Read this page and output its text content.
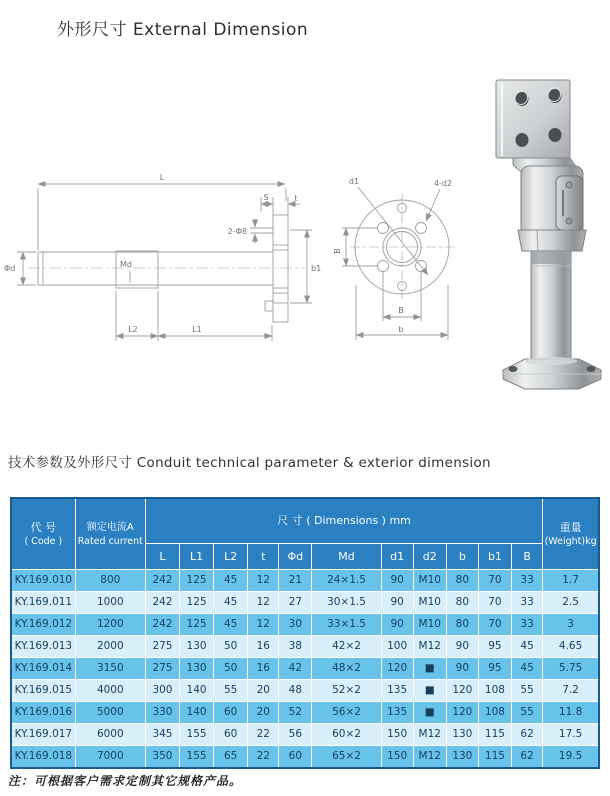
外形尺寸 External Dimension
L
S	t
2-Φ8
Φd	Md	b1
L2	L1
d1	4-d2
B
B
b
技术参数及外形尺寸 Conduit technical parameter & exterior dimension
代 号
( Code )

额定电流A
Rated current
	尺 寸 ( Dimensions ) mm	重量
(Weight)kg

		L	L1	L2	t	Φd	Md	d1	d2	b	b1	B	
KY.169.010	800	242	125	45	12	21	24×1.5	90	M10	80	70	33	1.7
KY.169.011	1000	242	125	45	12	27	30×1.5	90	M10	80	70	33	2.5
KY.169.012	1200	242	125	45	12	30	33×1.5	90	M10	80	70	33	3
KY.169.013	2000	275	130	50	16	38	42×2	100	M12	90	95	45	4.65
KY.169.014	3150	275	130	50	16	42	48×2	120	■	90	95	45	5.75
KY.169.015	4000	300	140	55	20	48	52×2	135	■	120	108	55	7.2
KY.169.016	5000	330	140	60	20	52	56×2	135	■	120	108	55	11.8
KY.169.017	6000	345	155	60	22	56	60×2	150	M12	130	115	62	17.5
KY.169.018	7000	350	155	65	22	60	65×2	150	M12	130	115	62	19.5
注：可根据客户需求定制其它规格产品。
